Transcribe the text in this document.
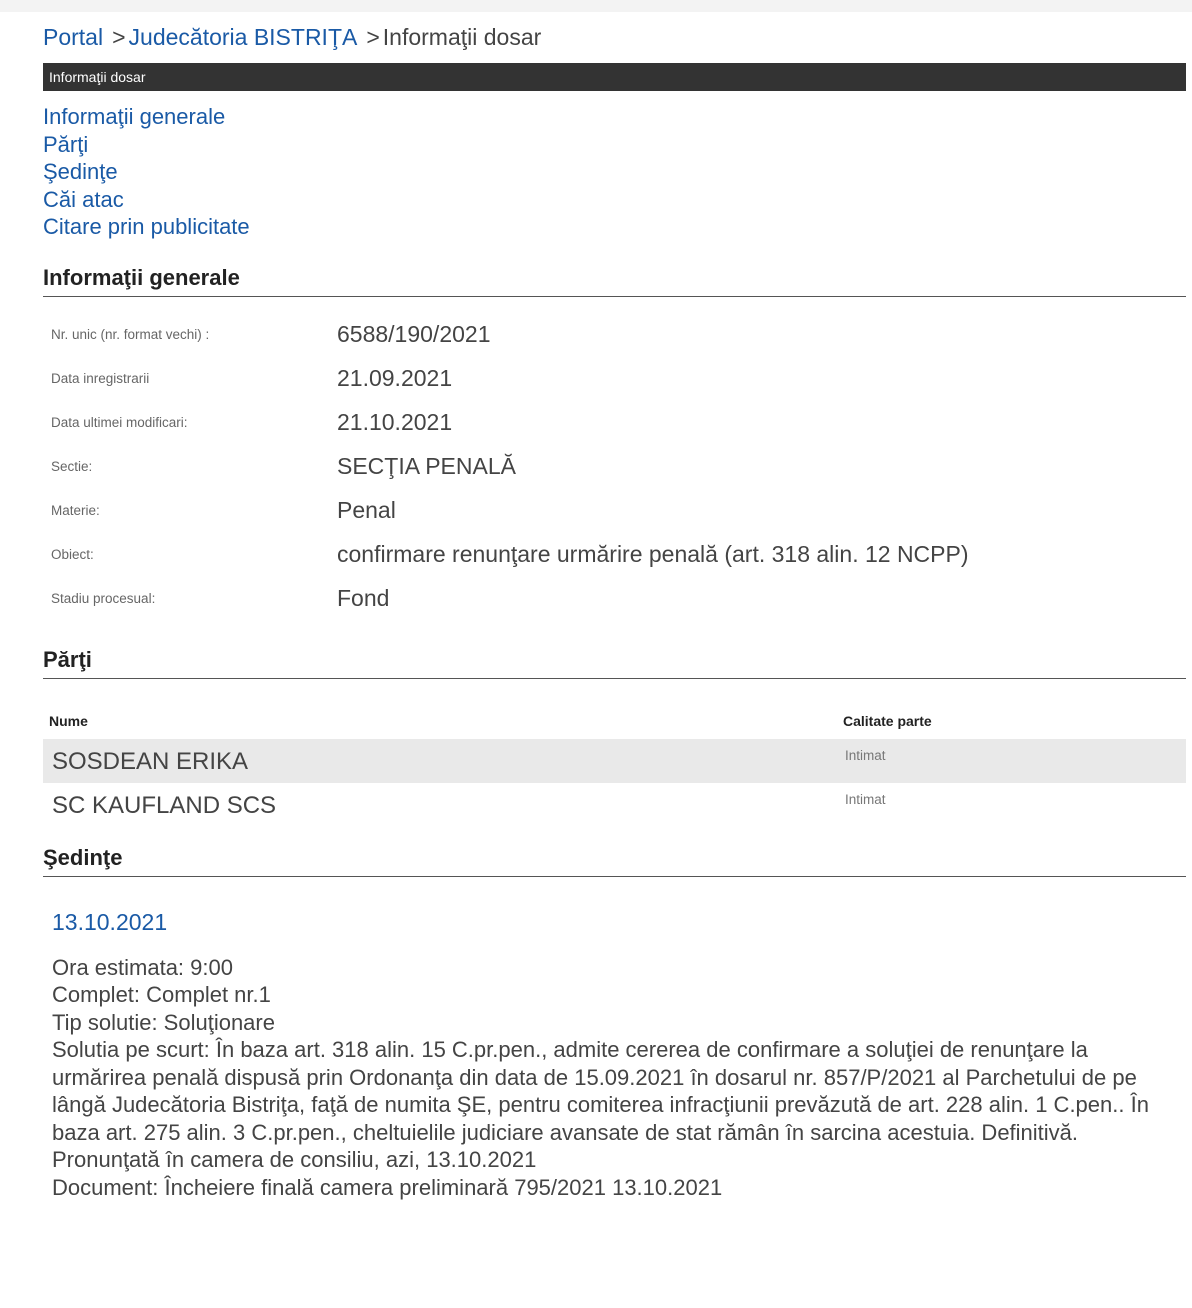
Portal > Judecătoria BISTRIŢA > Informaţii dosar
Informaţii dosar
Informaţii generale
Părţi
Şedinţe
Căi atac
Citare prin publicitate
Informaţii generale
Nr. unic (nr. format vechi) :	6588/190/2021
Data inregistrarii	21.09.2021
Data ultimei modificari:	21.10.2021
Sectie:	SECŢIA PENALĂ
Materie:	Penal
Obiect:	confirmare renunţare urmărire penală (art. 318 alin. 12 NCPP)
Stadiu procesual:	Fond
Părţi
Nume	Calitate parte
SOSDEAN ERIKA	Intimat
SC KAUFLAND SCS	Intimat
Şedinţe
13.10.2021
Ora estimata: 9:00
Complet: Complet nr.1
Tip solutie: Soluţionare
Solutia pe scurt: În baza art. 318 alin. 15 C.pr.pen., admite cererea de confirmare a soluţiei de renunţare la urmărirea penală dispusă prin Ordonanţa din data de 15.09.2021 în dosarul nr. 857/P/2021 al Parchetului de pe lângă Judecătoria Bistriţa, faţă de numita ŞE, pentru comiterea infracţiunii prevăzută de art. 228 alin. 1 C.pen.. În baza art. 275 alin. 3 C.pr.pen., cheltuielile judiciare avansate de stat rămân în sarcina acestuia. Definitivă. Pronunţată în camera de consiliu, azi, 13.10.2021
Document: Încheiere finală camera preliminară 795/2021 13.10.2021
